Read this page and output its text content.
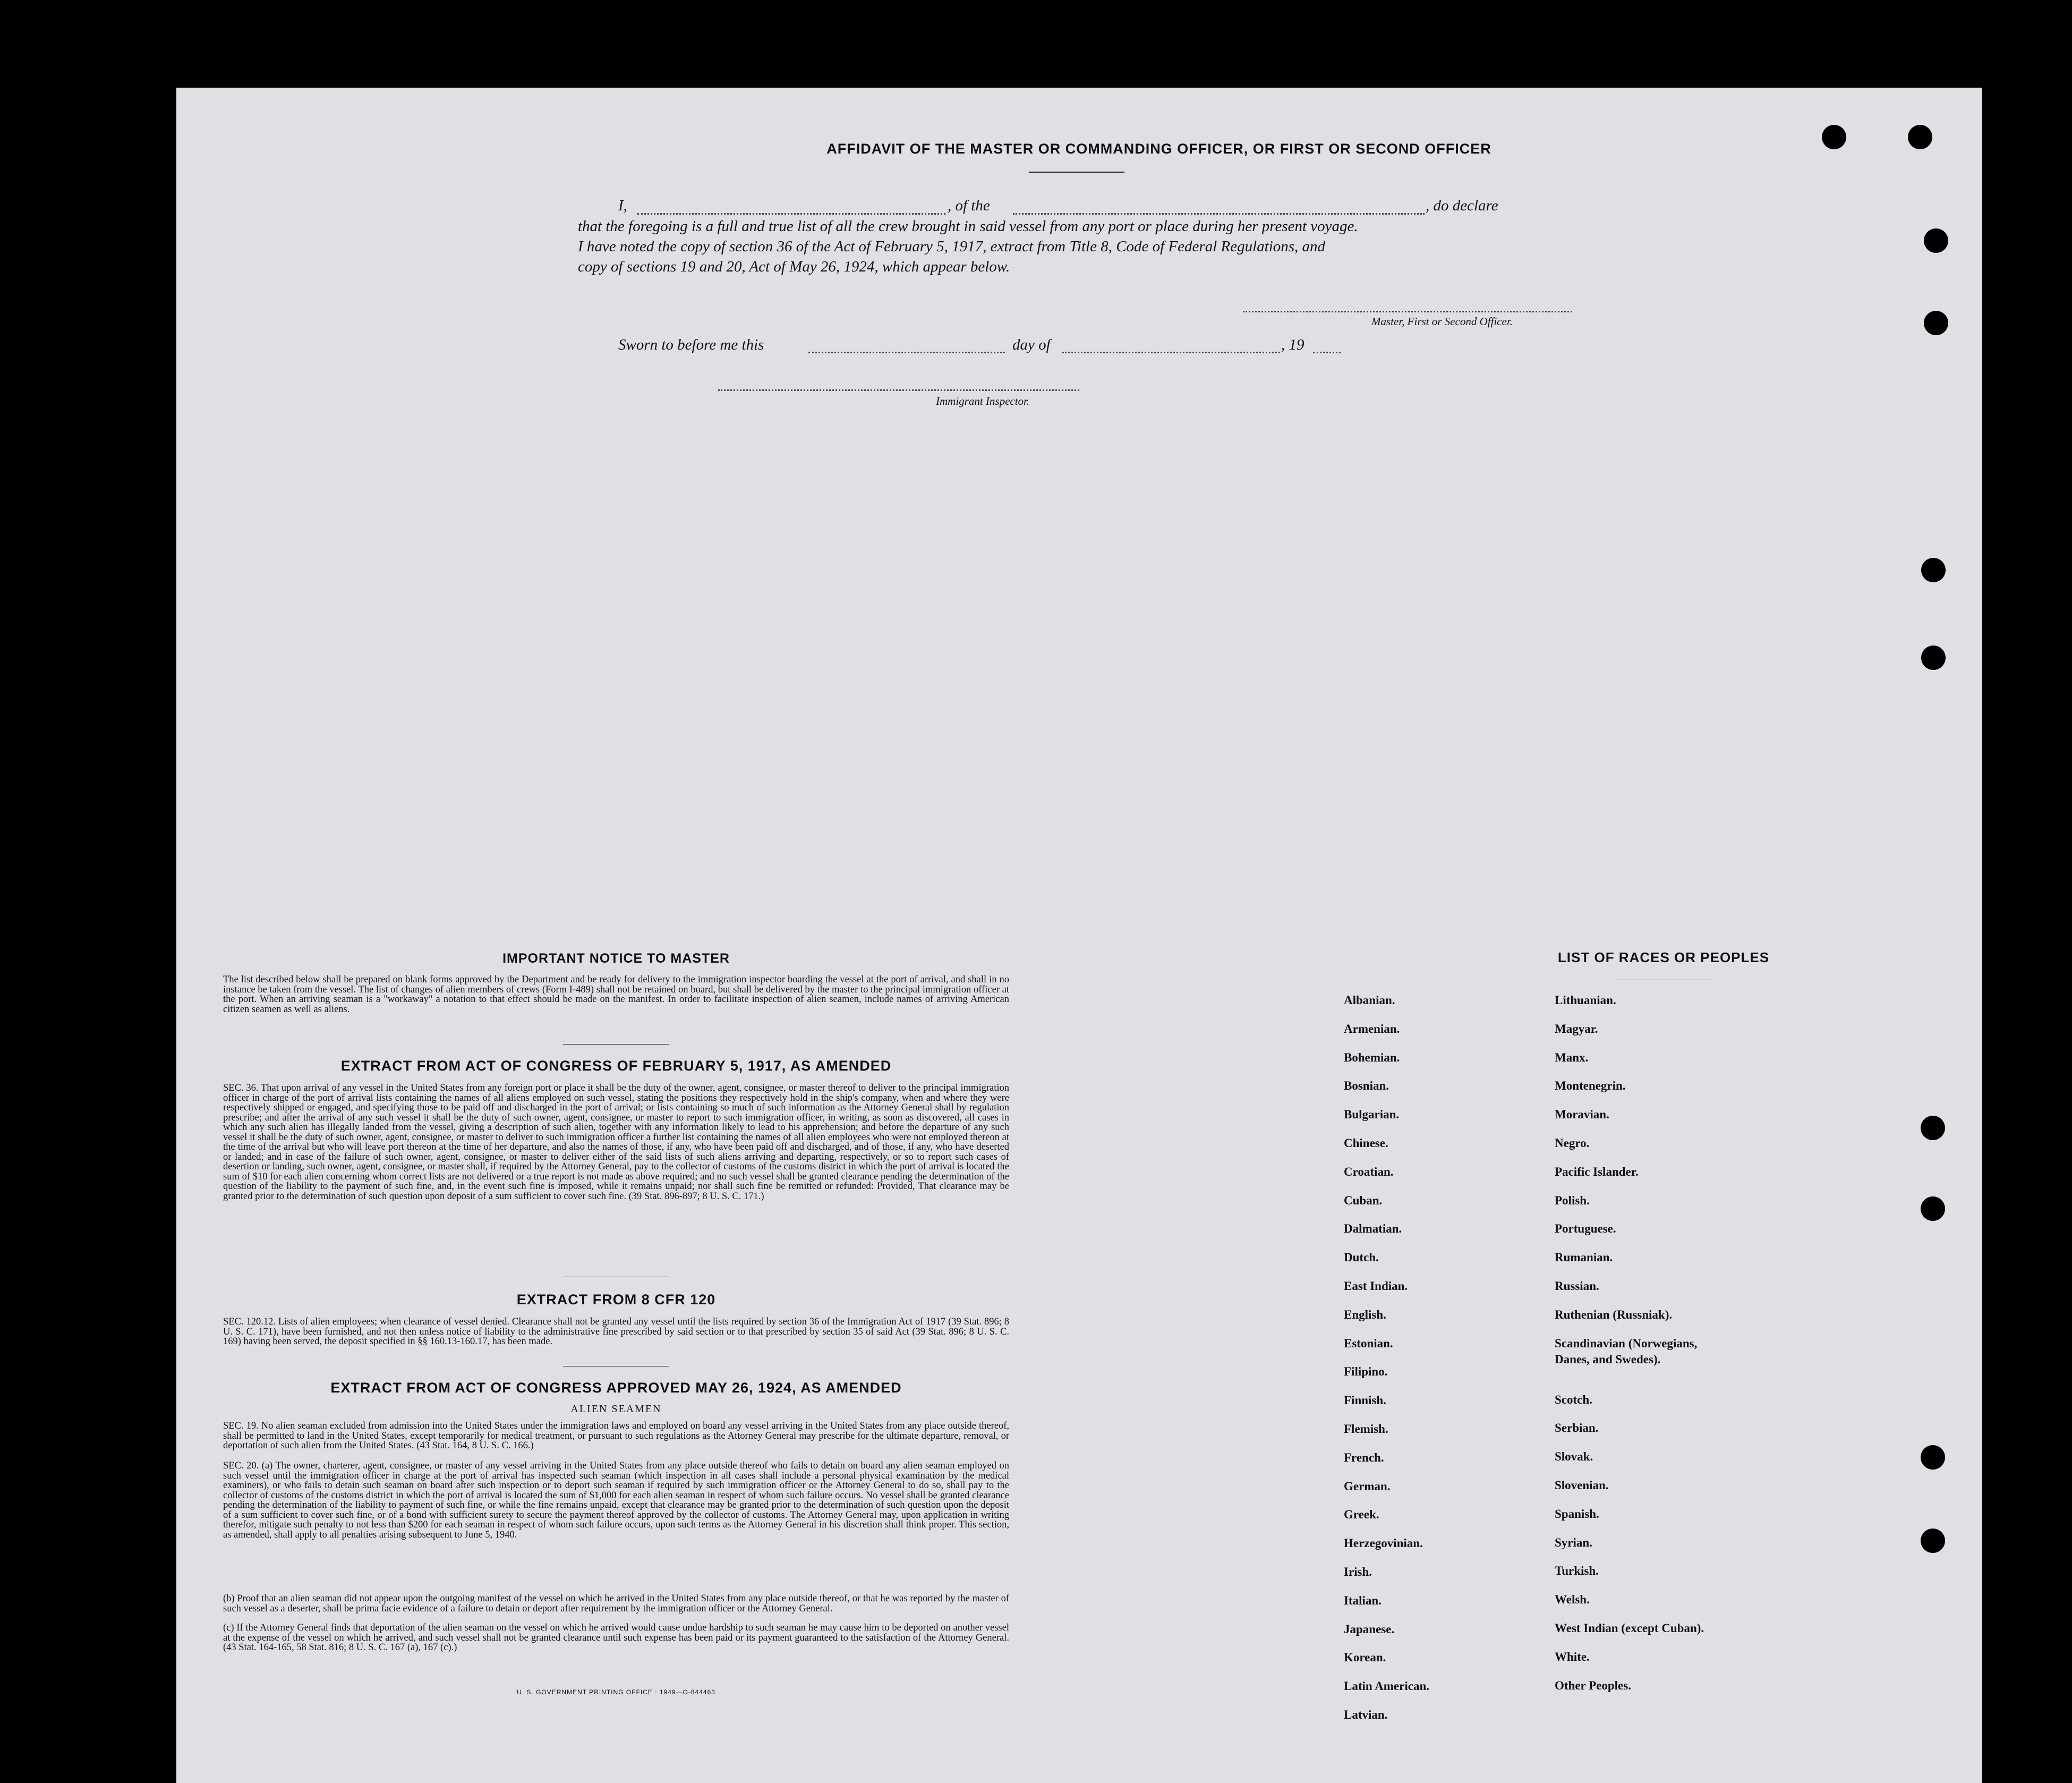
AFFIDAVIT OF THE MASTER OR COMMANDING OFFICER, OR FIRST OR SECOND OFFICER
I,	, of the	, do declare
that the foregoing is a full and true list of all the crew brought in said vessel from any port or place during her present voyage.
I have noted the copy of section 36 of the Act of February 5, 1917, extract from Title 8, Code of Federal Regulations, and
copy of sections 19 and 20, Act of May 26, 1924, which appear below.
Master, First or Second Officer.
Sworn to before me this	day of	, 19
Immigrant Inspector.
IMPORTANT NOTICE TO MASTER
The list described below shall be prepared on blank forms approved by the Department and be ready for delivery to the immigration inspector boarding the vessel at the port of arrival, and shall in no instance be taken from the vessel. The list of changes of alien members of crews (Form I-489) shall not be retained on board, but shall be delivered by the master to the principal immigration officer at the port. When an arriving seaman is a "workaway" a notation to that effect should be made on the manifest. In order to facilitate inspection of alien seamen, include names of arriving American citizen seamen as well as aliens.
EXTRACT FROM ACT OF CONGRESS OF FEBRUARY 5, 1917, AS AMENDED
SEC. 36. That upon arrival of any vessel in the United States from any foreign port or place it shall be the duty of the owner, agent, consignee, or master thereof to deliver to the principal immigration officer in charge of the port of arrival lists containing the names of all aliens employed on such vessel, stating the positions they respectively hold in the ship's company, when and where they were respectively shipped or engaged, and specifying those to be paid off and discharged in the port of arrival; or lists containing so much of such information as the Attorney General shall by regulation prescribe; and after the arrival of any such vessel it shall be the duty of such owner, agent, consignee, or master to report to such immigration officer, in writing, as soon as discovered, all cases in which any such alien has illegally landed from the vessel, giving a description of such alien, together with any information likely to lead to his apprehension; and before the departure of any such vessel it shall be the duty of such owner, agent, consignee, or master to deliver to such immigration officer a further list containing the names of all alien employees who were not employed thereon at the time of the arrival but who will leave port thereon at the time of her departure, and also the names of those, if any, who have been paid off and discharged, and of those, if any, who have deserted or landed; and in case of the failure of such owner, agent, consignee, or master to deliver either of the said lists of such aliens arriving and departing, respectively, or so to report such cases of desertion or landing, such owner, agent, consignee, or master shall, if required by the Attorney General, pay to the collector of customs of the customs district in which the port of arrival is located the sum of $10 for each alien concerning whom correct lists are not delivered or a true report is not made as above required; and no such vessel shall be granted clearance pending the determination of the question of the liability to the payment of such fine, and, in the event such fine is imposed, while it remains unpaid; nor shall such fine be remitted or refunded: Provided, That clearance may be granted prior to the determination of such question upon deposit of a sum sufficient to cover such fine. (39 Stat. 896-897; 8 U. S. C. 171.)
EXTRACT FROM 8 CFR 120
SEC. 120.12. Lists of alien employees; when clearance of vessel denied. Clearance shall not be granted any vessel until the lists required by section 36 of the Immigration Act of 1917 (39 Stat. 896; 8 U. S. C. 171), have been furnished, and not then unless notice of liability to the administrative fine prescribed by said section or to that prescribed by section 35 of said Act (39 Stat. 896; 8 U. S. C. 169) having been served, the deposit specified in §§ 160.13-160.17, has been made.
EXTRACT FROM ACT OF CONGRESS APPROVED MAY 26, 1924, AS AMENDED
ALIEN SEAMEN
SEC. 19. No alien seaman excluded from admission into the United States under the immigration laws and employed on board any vessel arriving in the United States from any place outside thereof, shall be permitted to land in the United States, except temporarily for medical treatment, or pursuant to such regulations as the Attorney General may prescribe for the ultimate departure, removal, or deportation of such alien from the United States. (43 Stat. 164, 8 U. S. C. 166.)
SEC. 20. (a) The owner, charterer, agent, consignee, or master of any vessel arriving in the United States from any place outside thereof who fails to detain on board any alien seaman employed on such vessel until the immigration officer in charge at the port of arrival has inspected such seaman (which inspection in all cases shall include a personal physical examination by the medical examiners), or who fails to detain such seaman on board after such inspection or to deport such seaman if required by such immigration officer or the Attorney General to do so, shall pay to the collector of customs of the customs district in which the port of arrival is located the sum of $1,000 for each alien seaman in respect of whom such failure occurs. No vessel shall be granted clearance pending the determination of the liability to payment of such fine, or while the fine remains unpaid, except that clearance may be granted prior to the determination of such question upon the deposit of a sum sufficient to cover such fine, or of a bond with sufficient surety to secure the payment thereof approved by the collector of customs. The Attorney General may, upon application in writing therefor, mitigate such penalty to not less than $200 for each seaman in respect of whom such failure occurs, upon such terms as the Attorney General in his discretion shall think proper. This section, as amended, shall apply to all penalties arising subsequent to June 5, 1940.
(b) Proof that an alien seaman did not appear upon the outgoing manifest of the vessel on which he arrived in the United States from any place outside thereof, or that he was reported by the master of such vessel as a deserter, shall be prima facie evidence of a failure to detain or deport after requirement by the immigration officer or the Attorney General.
(c) If the Attorney General finds that deportation of the alien seaman on the vessel on which he arrived would cause undue hardship to such seaman he may cause him to be deported on another vessel at the expense of the vessel on which he arrived, and such vessel shall not be granted clearance until such expense has been paid or its payment guaranteed to the satisfaction of the Attorney General. (43 Stat. 164-165, 58 Stat. 816; 8 U. S. C. 167 (a), 167 (c).)
U. S. GOVERNMENT PRINTING OFFICE : 1949—O-844463
LIST OF RACES OR PEOPLES
Albanian.
Armenian.
Bohemian.
Bosnian.
Bulgarian.
Chinese.
Croatian.
Cuban.
Dalmatian.
Dutch.
East Indian.
English.
Estonian.
Filipino.
Finnish.
Flemish.
French.
German.
Greek.
Herzegovinian.
Irish.
Italian.
Japanese.
Korean.
Latin American.
Latvian.
Lithuanian.
Magyar.
Manx.
Montenegrin.
Moravian.
Negro.
Pacific Islander.
Polish.
Portuguese.
Rumanian.
Russian.
Ruthenian (Russniak).
Scandinavian (Norwegians,
Danes, and Swedes).
Scotch.
Serbian.
Slovak.
Slovenian.
Spanish.
Syrian.
Turkish.
Welsh.
West Indian (except Cuban).
White.
Other Peoples.
